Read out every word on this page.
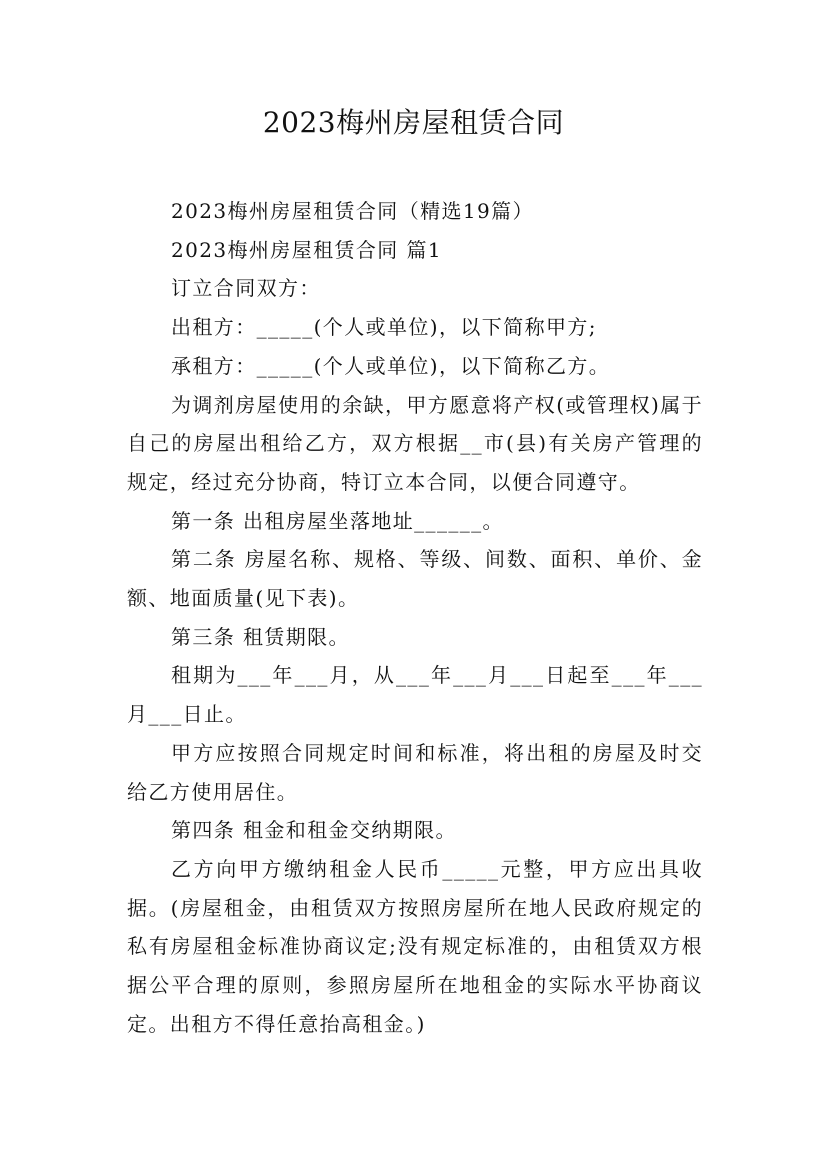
2023梅州房屋租赁合同

2023梅州房屋租赁合同（精选19篇）

2023梅州房屋租赁合同 篇1

订立合同双方：

出租方：_____(个人或单位)，以下简称甲方;

承租方：_____(个人或单位)，以下简称乙方。

为调剂房屋使用的余缺，甲方愿意将产权(或管理权)属于自己的房屋出租给乙方，双方根据__市(县)有关房产管理的规定，经过充分协商，特订立本合同，以便合同遵守。

第一条 出租房屋坐落地址______。

第二条 房屋名称、规格、等级、间数、面积、单价、金额、地面质量(见下表)。

第三条 租赁期限。

租期为___年___月，从___年___月___日起至___年___月___日止。

甲方应按照合同规定时间和标准，将出租的房屋及时交给乙方使用居住。

第四条 租金和租金交纳期限。

乙方向甲方缴纳租金人民币_____元整，甲方应出具收据。(房屋租金，由租赁双方按照房屋所在地人民政府规定的私有房屋租金标准协商议定;没有规定标准的，由租赁双方根据公平合理的原则，参照房屋所在地租金的实际水平协商议定。出租方不得任意抬高租金。)
